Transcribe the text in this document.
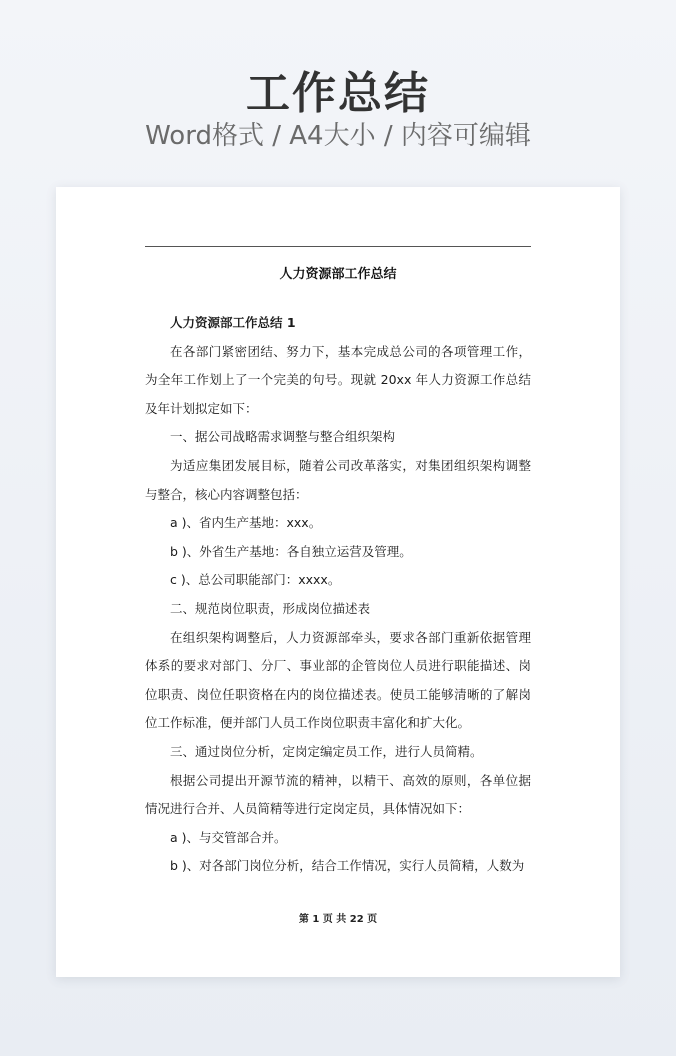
工作总结
Word格式 / A4大小 / 内容可编辑
人力资源部工作总结

人力资源部工作总结 1

在各部门紧密团结、努力下，基本完成总公司的各项管理工作，为全年工作划上了一个完美的句号。现就 20xx 年人力资源工作总结及年计划拟定如下：

一、据公司战略需求调整与整合组织架构

为适应集团发展目标，随着公司改革落实，对集团组织架构调整与整合，核心内容调整包括：

a )、省内生产基地：xxx。

b )、外省生产基地：各自独立运营及管理。

c )、总公司职能部门：xxxx。

二、规范岗位职责，形成岗位描述表

在组织架构调整后，人力资源部牵头，要求各部门重新依据管理体系的要求对部门、分厂、事业部的企管岗位人员进行职能描述、岗位职责、岗位任职资格在内的岗位描述表。使员工能够清晰的了解岗位工作标准，便并部门人员工作岗位职责丰富化和扩大化。

三、通过岗位分析，定岗定编定员工作，进行人员简精。

根据公司提出开源节流的精神，以精干、高效的原则，各单位据情况进行合并、人员简精等进行定岗定员，具体情况如下：

a )、与交管部合并。

b )、对各部门岗位分析，结合工作情况，实行人员简精，人数为

第 1 页 共 22 页
